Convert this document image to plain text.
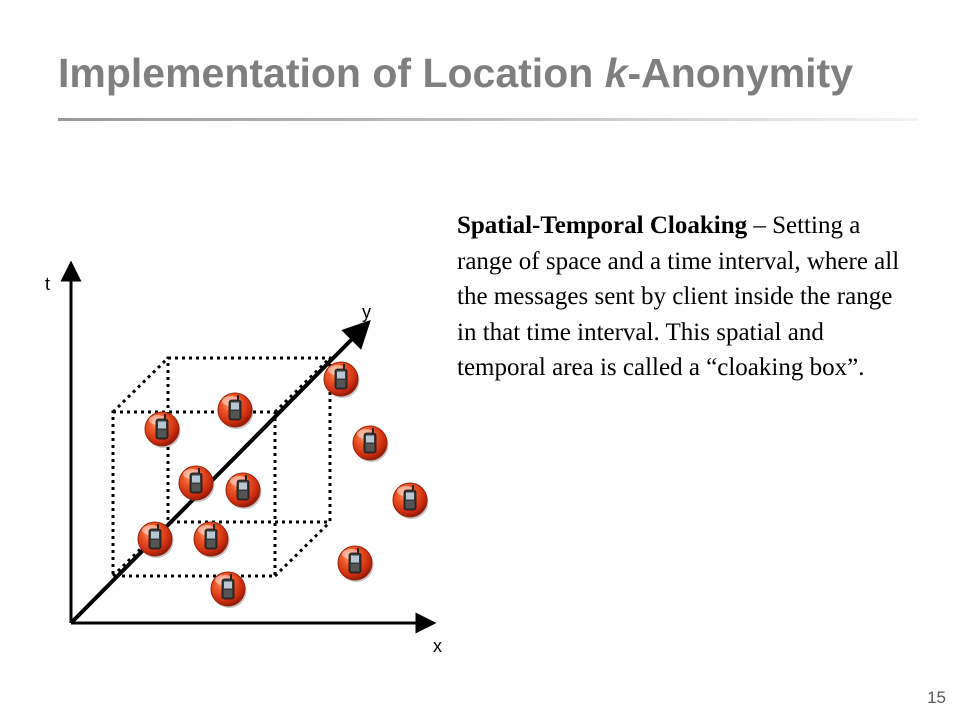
Implementation of Location k-Anonymity
t
y
x

Spatial-Temporal Cloaking – Setting a range of space and a time interval, where all the messages sent by client inside the range in that time interval. This spatial and temporal area is called a “cloaking box”.

15
